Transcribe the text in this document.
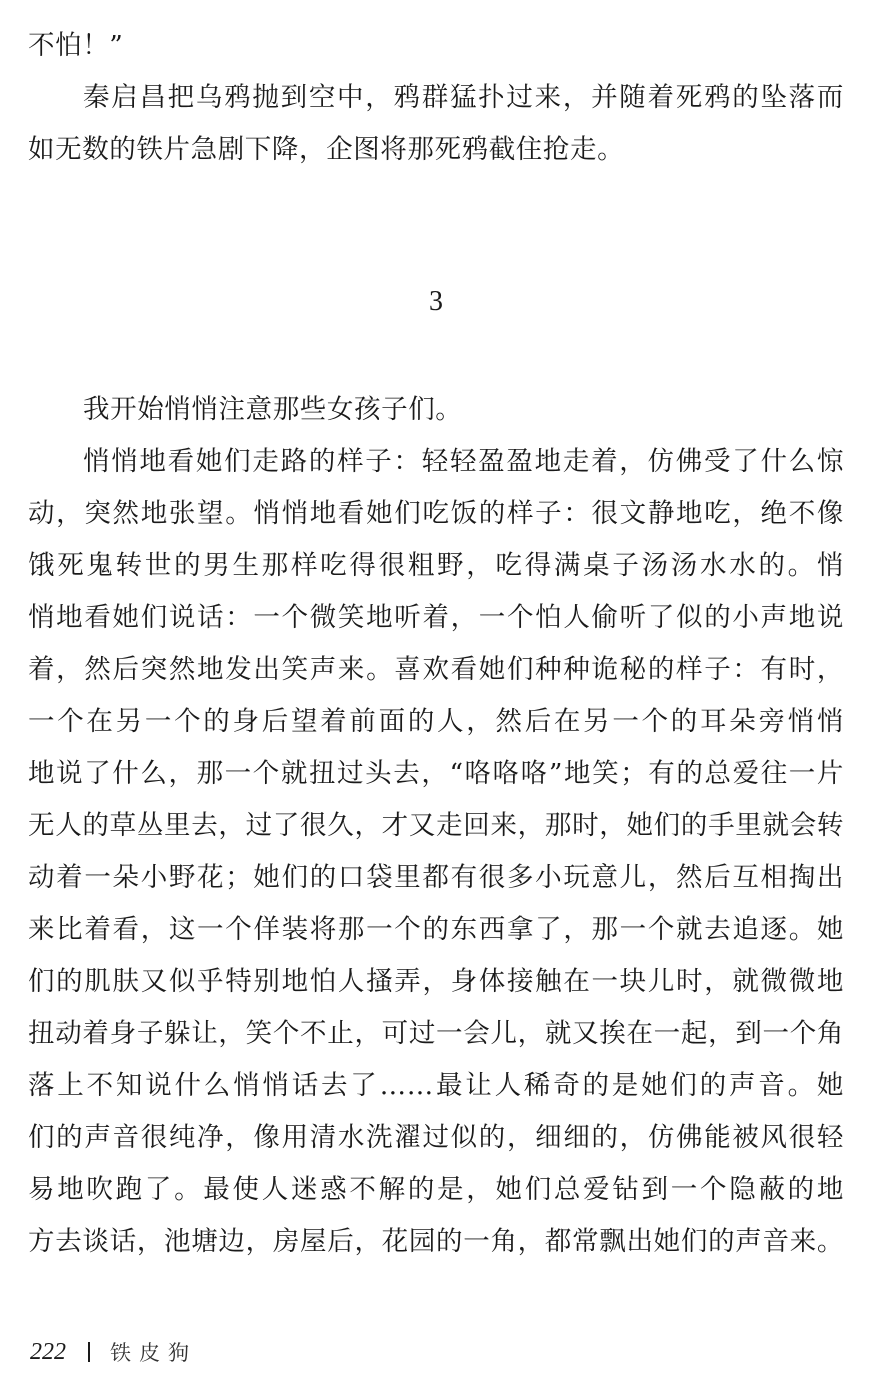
不怕！”

秦启昌把乌鸦抛到空中，鸦群猛扑过来，并随着死鸦的坠落而
如无数的铁片急剧下降，企图将那死鸦截住抢走。

3

我开始悄悄注意那些女孩子们。

悄悄地看她们走路的样子：轻轻盈盈地走着，仿佛受了什么惊
动，突然地张望。悄悄地看她们吃饭的样子：很文静地吃，绝不像
饿死鬼转世的男生那样吃得很粗野，吃得满桌子汤汤水水的。悄
悄地看她们说话：一个微笑地听着，一个怕人偷听了似的小声地说
着，然后突然地发出笑声来。喜欢看她们种种诡秘的样子：有时，
一个在另一个的身后望着前面的人，然后在另一个的耳朵旁悄悄
地说了什么，那一个就扭过头去，“咯咯咯”地笑；有的总爱往一片
无人的草丛里去，过了很久，才又走回来，那时，她们的手里就会转
动着一朵小野花；她们的口袋里都有很多小玩意儿，然后互相掏出
来比着看，这一个佯装将那一个的东西拿了，那一个就去追逐。她
们的肌肤又似乎特别地怕人搔弄，身体接触在一块儿时，就微微地
扭动着身子躲让，笑个不止，可过一会儿，就又挨在一起，到一个角
落上不知说什么悄悄话去了……最让人稀奇的是她们的声音。她
们的声音很纯净，像用清水洗濯过似的，细细的，仿佛能被风很轻
易地吹跑了。最使人迷惑不解的是，她们总爱钻到一个隐蔽的地
方去谈话，池塘边，房屋后，花园的一角，都常飘出她们的声音来。

222 铁皮狗
